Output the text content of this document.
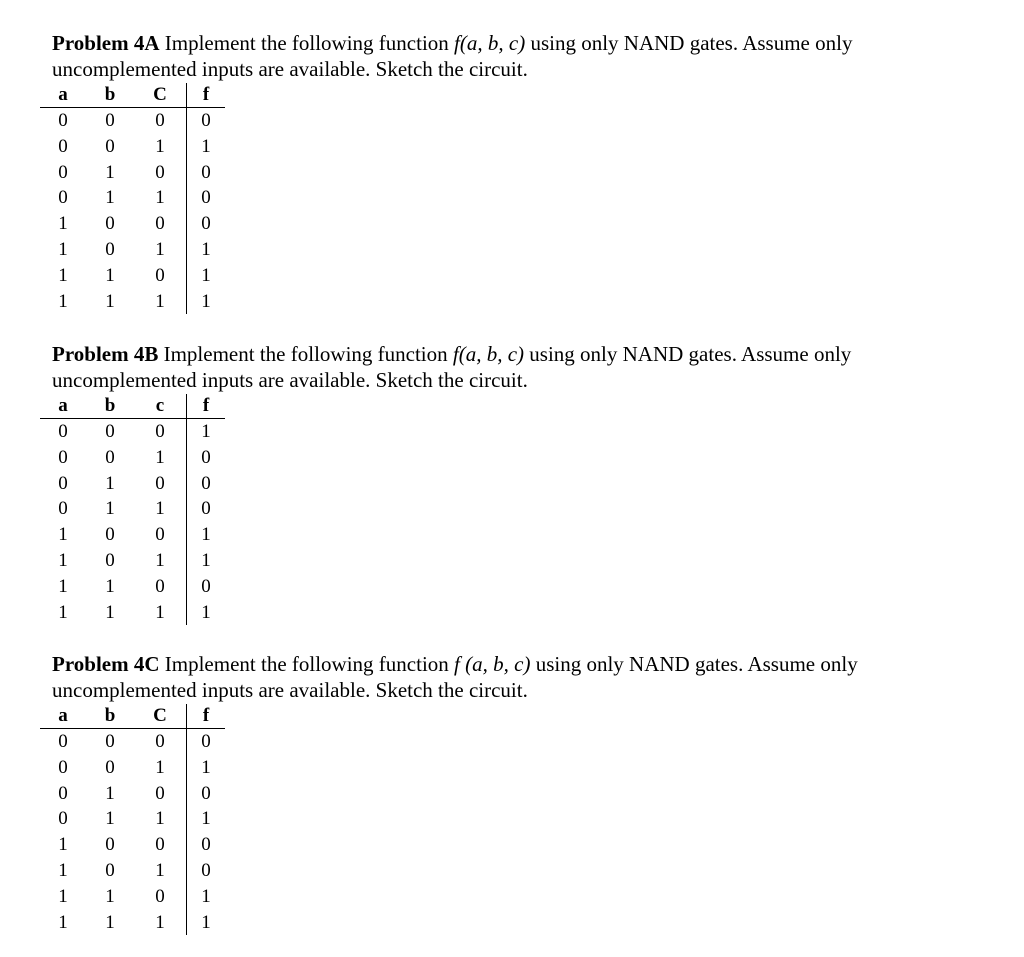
Problem 4A Implement the following function f(a, b, c) using only NAND gates. Assume only
uncomplemented inputs are available. Sketch the circuit.

a	b	C	f
0	0	0	0
0	0	1	1
0	1	0	0
0	1	1	0
1	0	0	0
1	0	1	1
1	1	0	1
1	1	1	1

Problem 4B Implement the following function f(a, b, c) using only NAND gates. Assume only
uncomplemented inputs are available. Sketch the circuit.

a	b	c	f
0	0	0	1
0	0	1	0
0	1	0	0
0	1	1	0
1	0	0	1
1	0	1	1
1	1	0	0
1	1	1	1

Problem 4C Implement the following function f (a, b, c) using only NAND gates. Assume only
uncomplemented inputs are available. Sketch the circuit.

a	b	C	f
0	0	0	0
0	0	1	1
0	1	0	0
0	1	1	1
1	0	0	0
1	0	1	0
1	1	0	1
1	1	1	1
